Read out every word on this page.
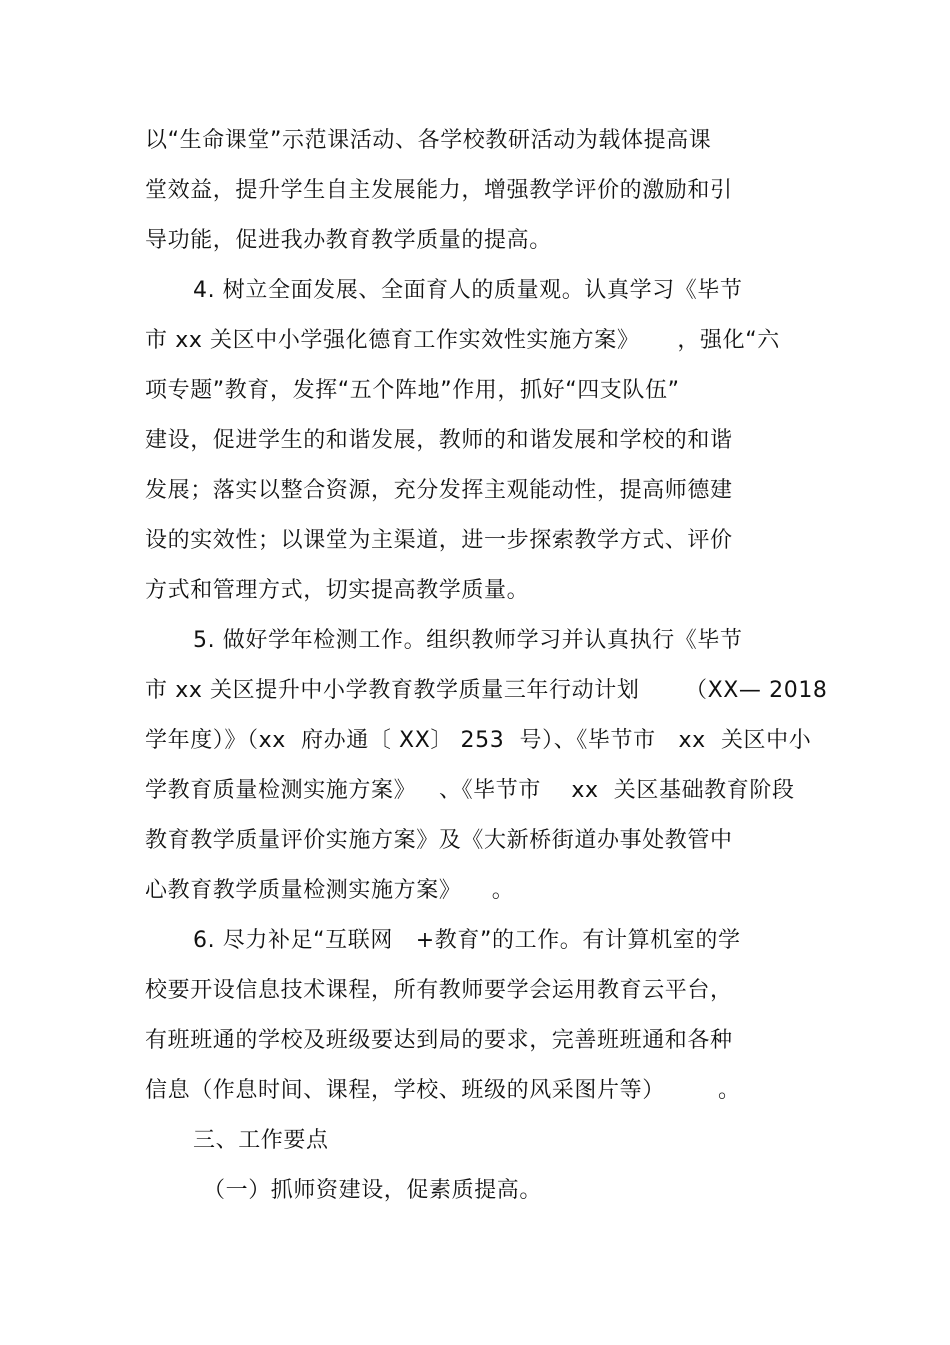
以“生命课堂”示范课活动、各学校教研活动为载体提高课
堂效益，提升学生自主发展能力，增强教学评价的激励和引
导功能，促进我办教育教学质量的提高。
4. 树立全面发展、全面育人的质量观。认真学习《毕节
市 xx 关区中小学强化德育工作实效性实施方案》     ，强化“六
项专题”教育，发挥“五个阵地”作用，抓好“四支队伍”
建设，促进学生的和谐发展，教师的和谐发展和学校的和谐
发展；落实以整合资源，充分发挥主观能动性，提高师德建
设的实效性；以课堂为主渠道，进一步探索教学方式、评价
方式和管理方式，切实提高教学质量。
5. 做好学年检测工作。组织教师学习并认真执行《毕节
市 xx 关区提升中小学教育教学质量三年行动计划      （XX— 2018
学年度）》（xx  府办通〔 XX〕 253  号）、《毕节市   xx  关区中小
学教育质量检测实施方案》   、《毕节市    xx  关区基础教育阶段
教育教学质量评价实施方案》及《大新桥街道办事处教管中
心教育教学质量检测实施方案》    。
6. 尽力补足“互联网   +教育”的工作。有计算机室的学
校要开设信息技术课程，所有教师要学会运用教育云平台，
有班班通的学校及班级要达到局的要求，完善班班通和各种
信息（作息时间、课程，学校、班级的风采图片等）       。
三、工作要点
（一）抓师资建设，促素质提高。
